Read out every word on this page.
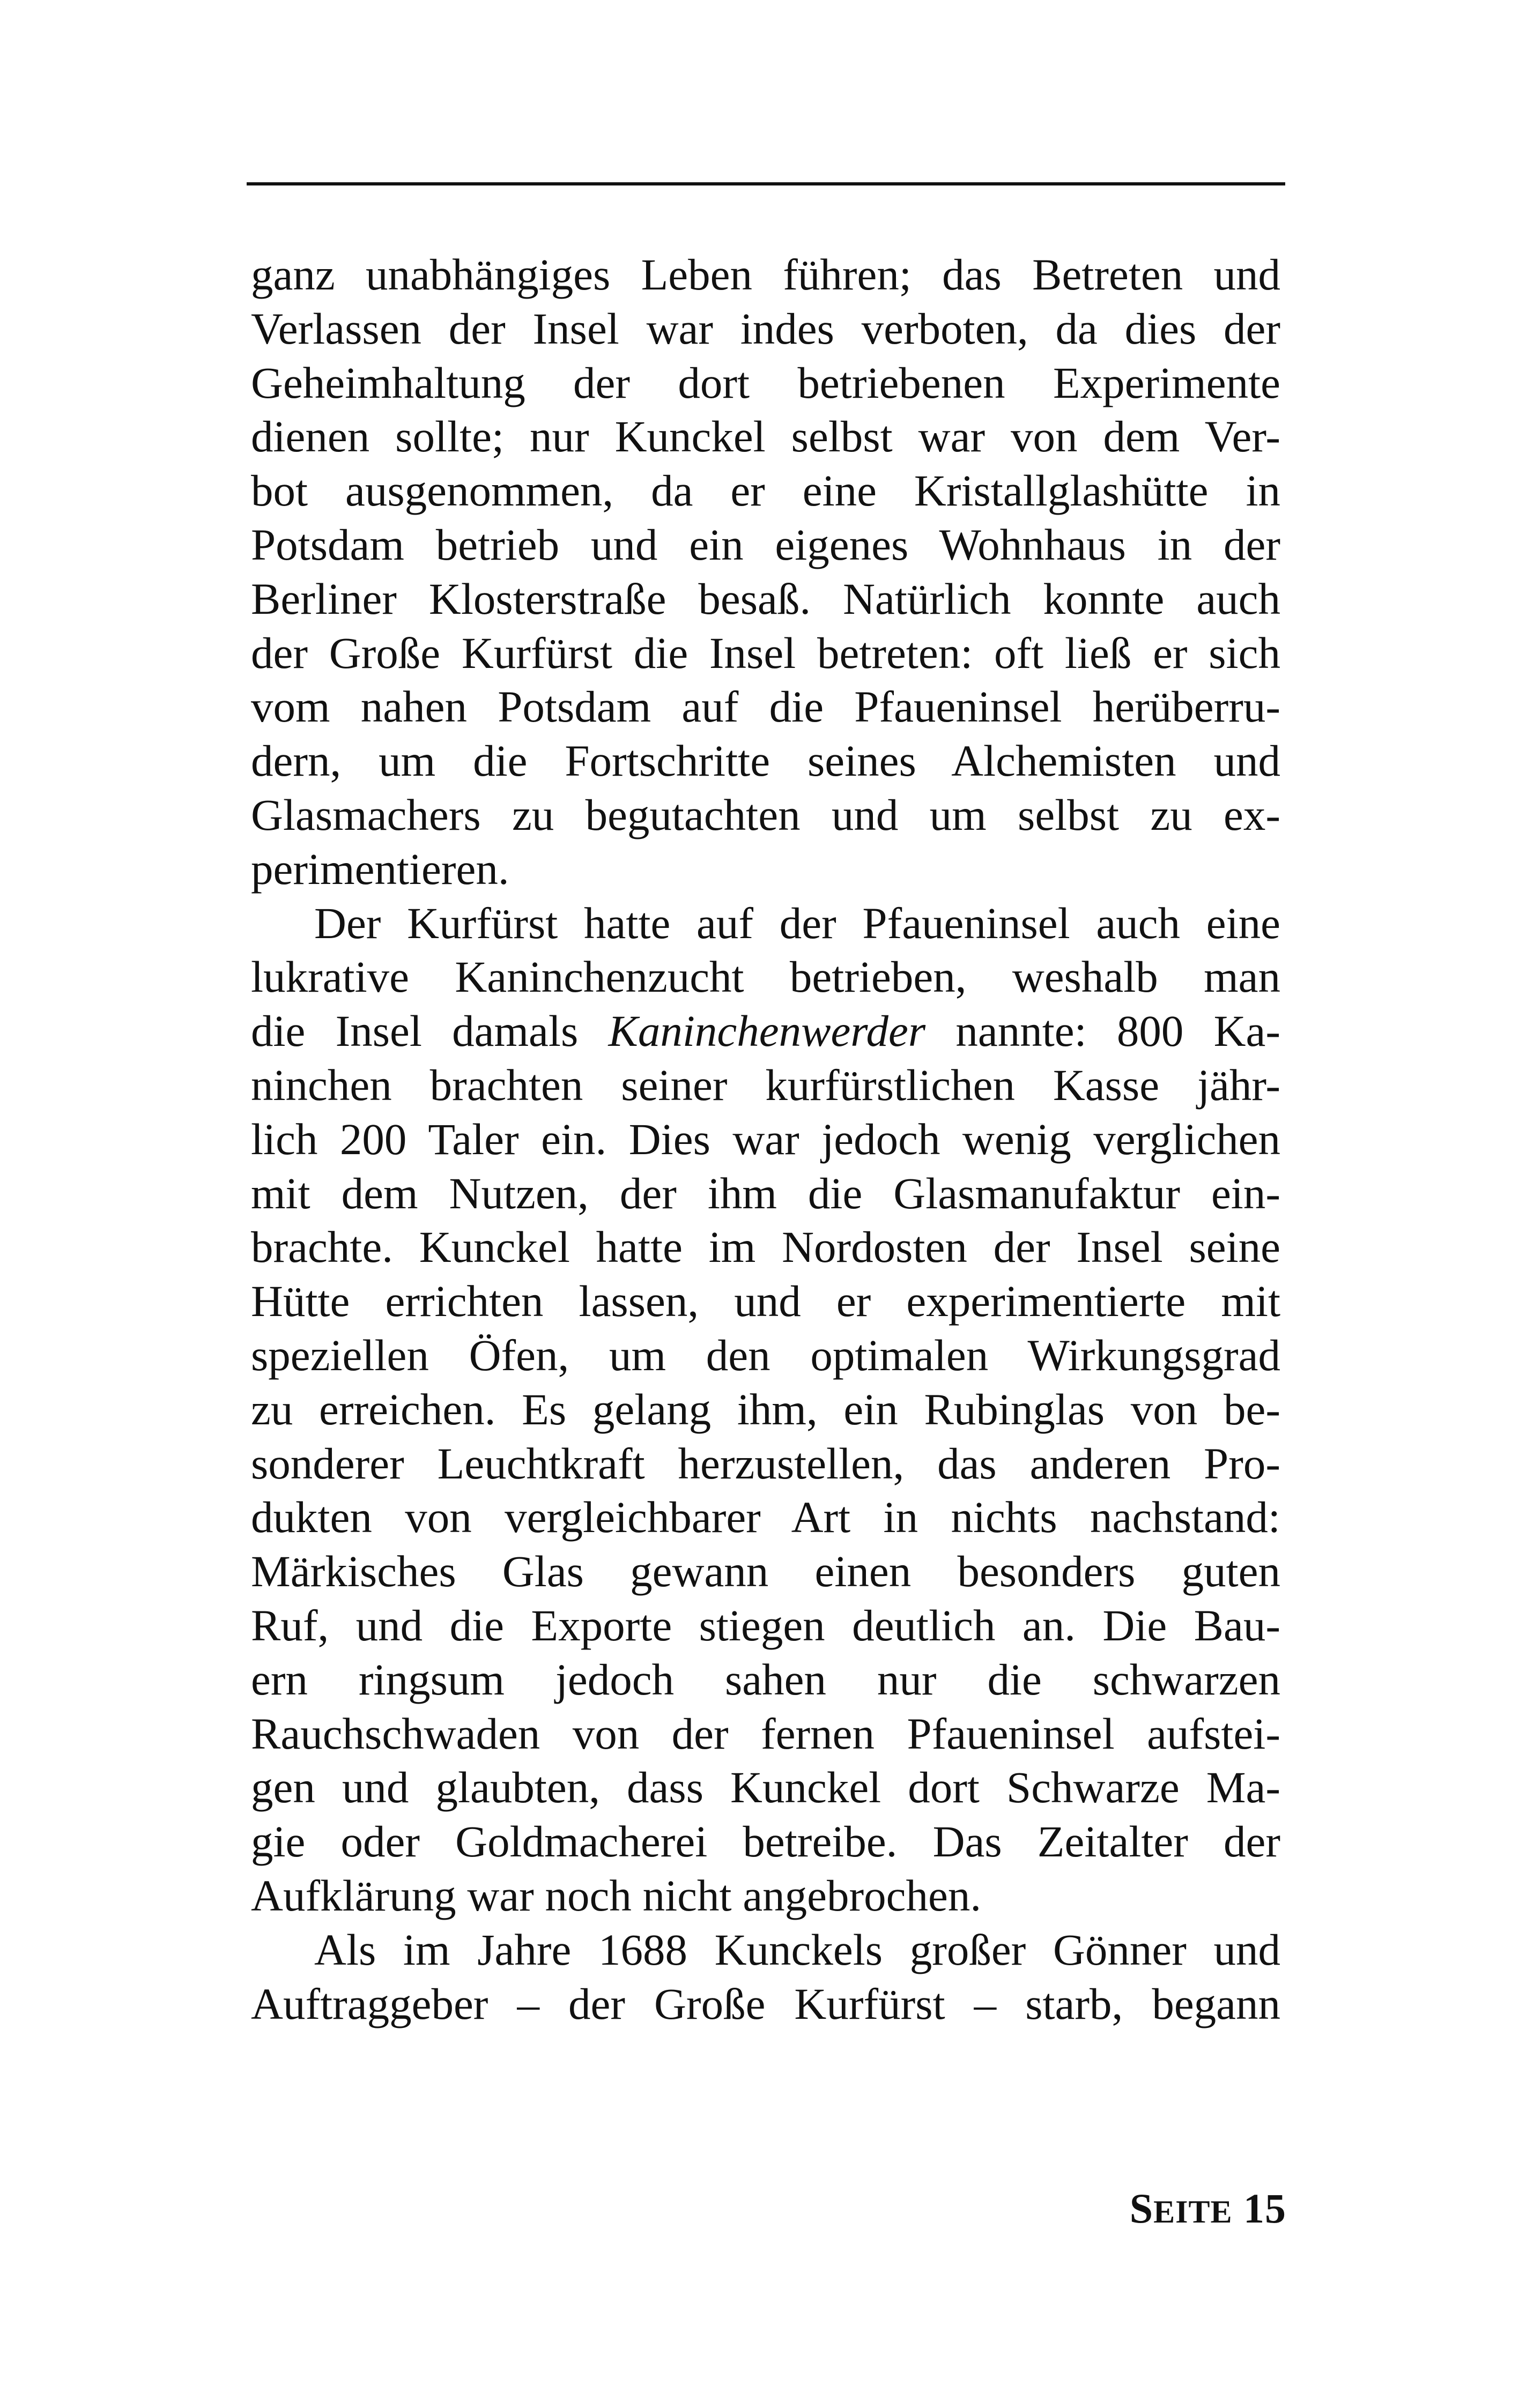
ganz unabhängiges Leben führen; das Betreten und
Verlassen der Insel war indes verboten, da dies der
Geheimhaltung der dort betriebenen Experimente
dienen sollte; nur Kunckel selbst war von dem Ver-
bot ausgenommen, da er eine Kristallglashütte in
Potsdam betrieb und ein eigenes Wohnhaus in der
Berliner Klosterstraße besaß. Natürlich konnte auch
der Große Kurfürst die Insel betreten: oft ließ er sich
vom nahen Potsdam auf die Pfaueninsel herüberru-
dern, um die Fortschritte seines Alchemisten und
Glasmachers zu begutachten und um selbst zu ex-
perimentieren.
Der Kurfürst hatte auf der Pfaueninsel auch eine
lukrative Kaninchenzucht betrieben, weshalb man
die Insel damals Kaninchenwerder nannte: 800 Ka-
ninchen brachten seiner kurfürstlichen Kasse jähr-
lich 200 Taler ein. Dies war jedoch wenig verglichen
mit dem Nutzen, der ihm die Glasmanufaktur ein-
brachte. Kunckel hatte im Nordosten der Insel seine
Hütte errichten lassen, und er experimentierte mit
speziellen Öfen, um den optimalen Wirkungsgrad
zu erreichen. Es gelang ihm, ein Rubinglas von be-
sonderer Leuchtkraft herzustellen, das anderen Pro-
dukten von vergleichbarer Art in nichts nachstand:
Märkisches Glas gewann einen besonders guten
Ruf, und die Exporte stiegen deutlich an. Die Bau-
ern ringsum jedoch sahen nur die schwarzen
Rauchschwaden von der fernen Pfaueninsel aufstei-
gen und glaubten, dass Kunckel dort Schwarze Ma-
gie oder Goldmacherei betreibe. Das Zeitalter der
Aufklärung war noch nicht angebrochen.
Als im Jahre 1688 Kunckels großer Gönner und
Auftraggeber – der Große Kurfürst – starb, begann
SEITE 15
